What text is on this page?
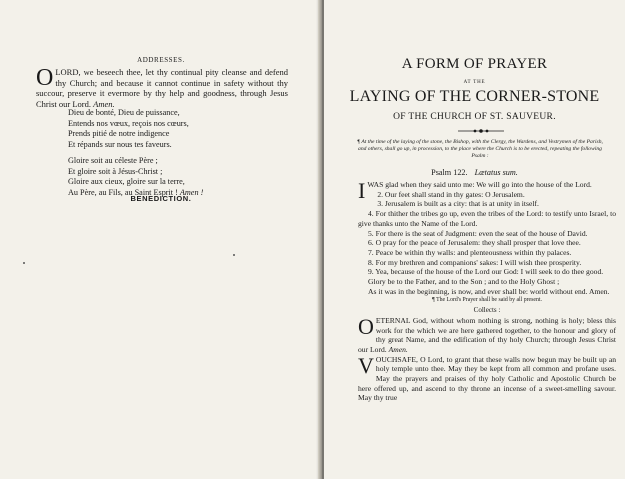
ADDRESSES.
O LORD, we beseech thee, let thy continual pity cleanse and defend thy Church; and because it cannot continue in safety without thy succour, preserve it evermore by thy help and goodness, through Jesus Christ our Lord. Amen.
Dieu de bonté, Dieu de puissance,
Entends nos vœux, reçois nos cœurs,
Prends pitié de notre indigence
Et répands sur nous tes faveurs.
Gloire soit au céleste Père ;
Et gloire soit à Jésus-Christ ;
Gloire aux cieux, gloire sur la terre,
Au Père, au Fils, au Saint Esprit ! Amen !
BENEDICTION.
A FORM OF PRAYER
AT THE
LAYING OF THE CORNER-STONE
OF THE CHURCH OF ST. SAUVEUR.
¶ At the time of the laying of the stone, the Bishop, with the Clergy, the Wardens, and Vestrymen of the Parish, and others, shall go up, in procession, to the place where the Church is to be erected, repeating the following Psalm :
Psalm 122. Lætatus sum.

I WAS glad when they said unto me: We will go into the house of the Lord.

2. Our feet shall stand in thy gates: O Jerusalem.

3. Jerusalem is built as a city: that is at unity in itself.

4. For thither the tribes go up, even the tribes of the Lord: to testify unto Israel, to give thanks unto the Name of the Lord.

5. For there is the seat of Judgment: even the seat of the house of David.

6. O pray for the peace of Jerusalem: they shall prosper that love thee.

7. Peace be within thy walls: and plenteousness within thy palaces.

8. For my brethren and companions' sakes: I will wish thee prosperity.

9. Yea, because of the house of the Lord our God: I will seek to do thee good.

Glory be to the Father, and to the Son ; and to the Holy Ghost ;

As it was in the beginning, is now, and ever shall be: world without end. Amen.

¶ The Lord's Prayer shall be said by all present.

Collects :

O ETERNAL God, without whom nothing is strong, nothing is holy; bless this work for the which we are here gathered together, to the honour and glory of thy great Name, and the edification of thy holy Church; through Jesus Christ our Lord. Amen.

V OUCHSAFE, O Lord, to grant that these walls now begun may be built up an holy temple unto thee. May they be kept from all common and profane uses. May the prayers and praises of thy holy Catholic and Apostolic Church be here offered up, and ascend to thy throne an incense of a sweet-smelling savour. May thy true
